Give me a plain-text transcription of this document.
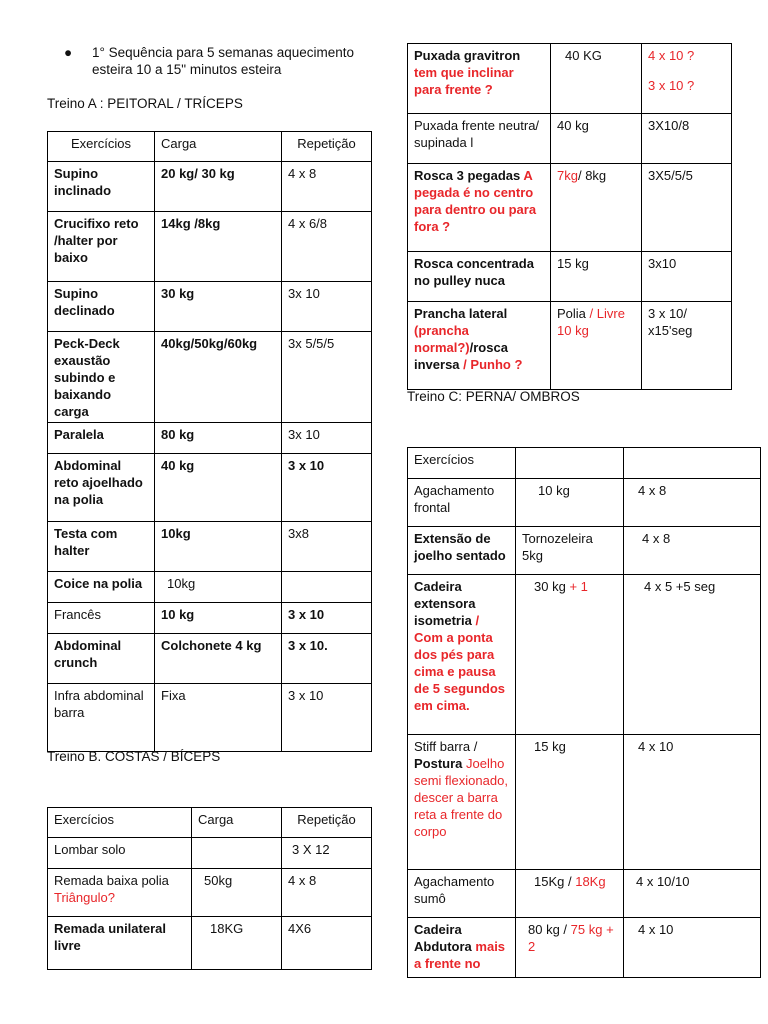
●	1° Sequência para 5 semanas aquecimento esteira 10 a 15" minutos esteira
Treino A : PEITORAL / TRÍCEPS
Exercícios	Carga	Repetição
Supino inclinado	20 kg/ 30 kg	4 x 8
Crucifixo reto /halter por baixo	14kg /8kg	4 x 6/8
Supino declinado	30 kg	3x 10
Peck-Deck exaustão subindo e baixando carga	40kg/50kg/60kg	3x 5/5/5
Paralela	80 kg	3x 10
Abdominal reto ajoelhado na polia	40 kg	3 x 10
Testa com halter	10kg	3x8
Coice na polia	10kg	
Francês	10 kg	3 x 10
Abdominal crunch	Colchonete 4 kg	3 x 10.
Infra abdominal barra	Fixa	3 x 10
Treino B. COSTAS / BÍCEPS
Exercícios	Carga	Repetição
Lombar solo		3 X 12
Remada baixa polia Triângulo?	50kg	4 x 8
Remada unilateral livre	18KG	4X6
Puxada gravitron tem que inclinar para frente ?	40 KG	4 x 10 ?
3 x 10 ?

Puxada frente neutra/ supinada l	40 kg	3X10/8
Rosca 3 pegadas A pegada é no centro para dentro ou para fora ?	7kg/ 8kg	3X5/5/5
Rosca concentrada no pulley nuca	15 kg	3x10
Prancha lateral (prancha normal?)/rosca inversa / Punho ?	Polia / Livre 10 kg	3 x 10/ x15'seg
Treino C: PERNA/ OMBROS
Exercícios		
Agachamento frontal	10 kg	4 x 8
Extensão de joelho sentado	Tornozeleira 5kg	4 x 8
Cadeira extensora isometria / Com a ponta dos pés para cima e pausa de 5 segundos em cima.	30 kg + 1	4 x 5 +5 seg
Stiff barra / Postura Joelho semi flexionado, descer a barra reta a frente do corpo	15 kg	4 x 10
Agachamento sumô	15Kg / 18Kg	4 x 10/10
Cadeira Abdutora mais a frente no	80 kg / 75 kg + 2	4 x 10
